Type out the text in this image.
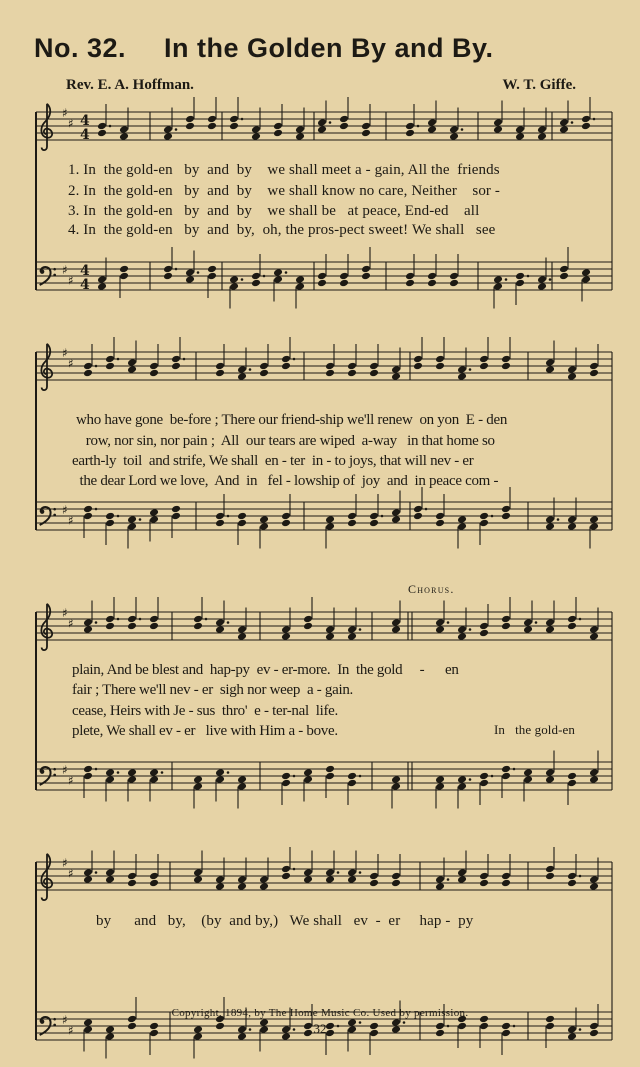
No. 32. In the Golden By and By.
Rev. E. A. Hoffman.	W. T. Giffe.
♯
♯
♯
♯
4
4
4
4
♯
♯
♯
♯
♯
♯
♯
♯
♯
♯
♯
♯
1. In  the gold-en   by  and  by    we shall meet a - gain, All the  friends
2. In  the gold-en   by  and  by    we shall know no care, Neither    sor -
3. In  the gold-en   by  and  by    we shall be   at peace, End-ed    all
4. In  the gold-en   by  and  by,  oh, the pros-pect sweet! We shall   see
who have gone  be-fore ; There our friend-ship we'll renew  on yon  E - den
row, nor sin, nor pain ;  All  our tears are wiped  a-way   in that home so
earth-ly  toil  and strife, We shall  en - ter  in - to joys, that will nev - er
the dear Lord we love,  And  in   fel - lowship of  joy  and  in peace com -
Chorus.
plain, And be blest and  hap-py  ev - er-more.  In  the gold     -      en
fair ; There we'll nev - er  sigh nor weep  a - gain.
cease, Heirs with Je - sus  thro'  e - ter-nal  life.
plete, We shall ev - er   live with Him a - bove.	In   the gold-en
by      and   by,    (by  and by,)   We shall   ev  -  er     hap -  py
Copyright, 1894, by The Home Music Co. Used by permission.
32
